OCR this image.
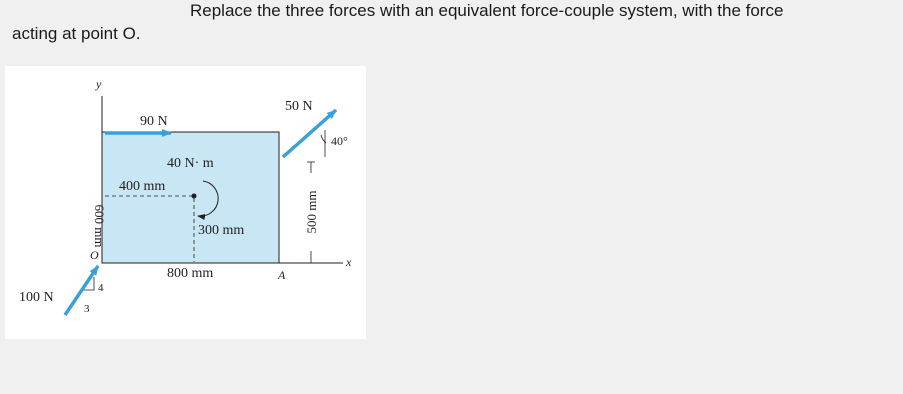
Replace the three forces with an equivalent force-couple system, with the force
acting at point O.
y
x
90 N
50 N
40°
100 N
4
3
O
A
40 N· m
400 mm
300 mm
800 mm
600 mm	500 mm
